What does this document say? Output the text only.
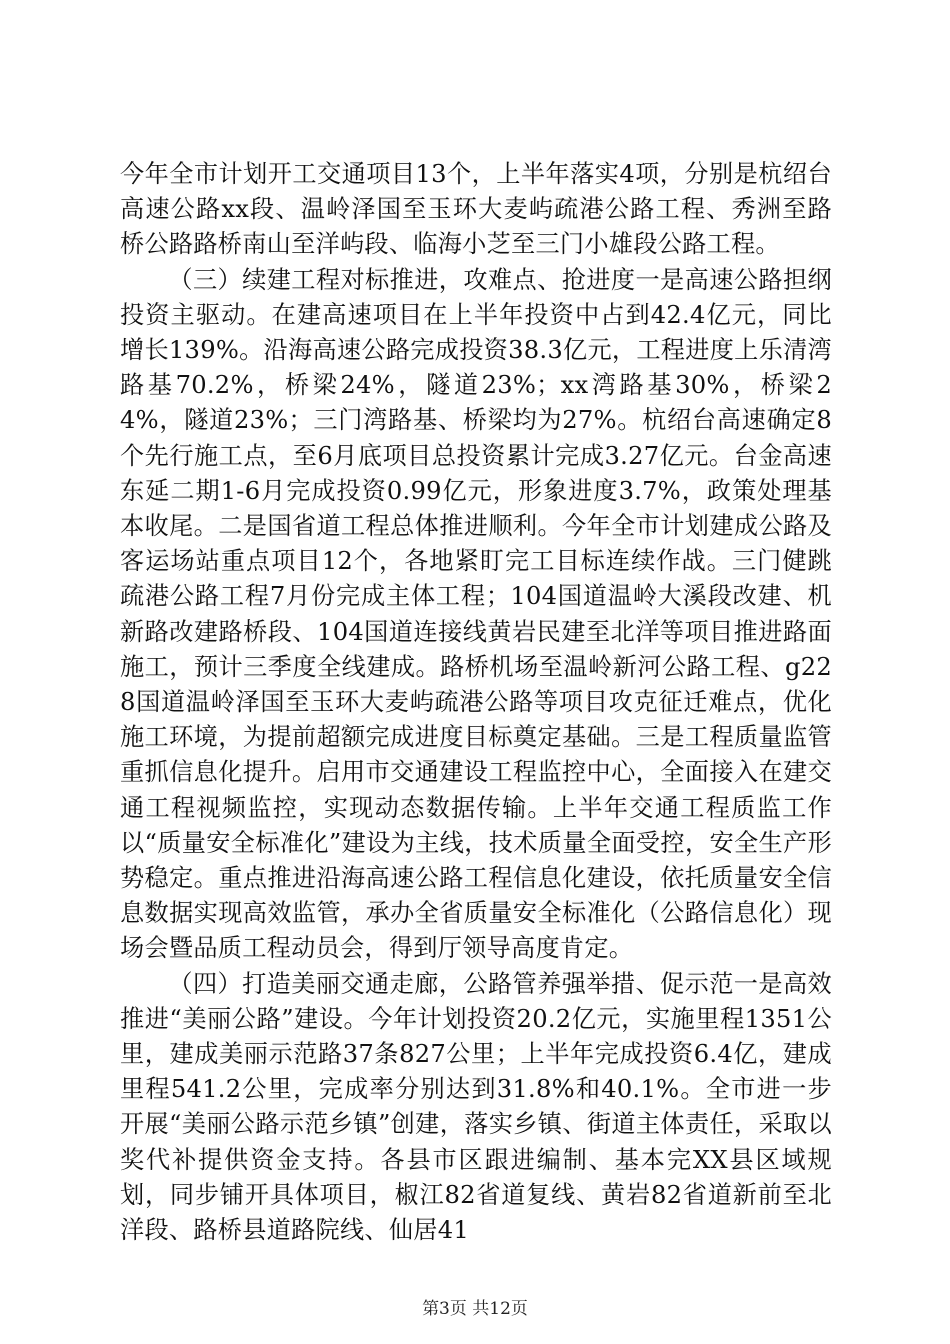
今年全市计划开工交通项目13个，上半年落实4项，分别是杭绍台高速公路xx段、温岭泽国至玉环大麦屿疏港公路工程、秀洲至路桥公路路桥南山至洋屿段、临海小芝至三门小雄段公路工程。

（三）续建工程对标推进，攻难点、抢进度一是高速公路担纲投资主驱动。在建高速项目在上半年投资中占到42.4亿元，同比增长139%。沿海高速公路完成投资38.3亿元，工程进度上乐清湾路基70.2%，桥梁24%，隧道23%；xx湾路基30%，桥梁24%，隧道23%；三门湾路基、桥梁均为27%。杭绍台高速确定8个先行施工点，至6月底项目总投资累计完成3.27亿元。台金高速东延二期1-6月完成投资0.99亿元，形象进度3.7%，政策处理基本收尾。二是国省道工程总体推进顺利。今年全市计划建成公路及客运场站重点项目12个，各地紧盯完工目标连续作战。三门健跳疏港公路工程7月份完成主体工程；104国道温岭大溪段改建、机新路改建路桥段、104国道连接线黄岩民建至北洋等项目推进路面施工，预计三季度全线建成。路桥机场至温岭新河公路工程、g228国道温岭泽国至玉环大麦屿疏港公路等项目攻克征迁难点，优化施工环境，为提前超额完成进度目标奠定基础。三是工程质量监管重抓信息化提升。启用市交通建设工程监控中心，全面接入在建交通工程视频监控，实现动态数据传输。上半年交通工程质监工作以“质量安全标准化”建设为主线，技术质量全面受控，安全生产形势稳定。重点推进沿海高速公路工程信息化建设，依托质量安全信息数据实现高效监管，承办全省质量安全标准化（公路信息化）现场会暨品质工程动员会，得到厅领导高度肯定。

（四）打造美丽交通走廊，公路管养强举措、促示范一是高效推进“美丽公路”建设。今年计划投资20.2亿元，实施里程1351公里，建成美丽示范路37条827公里；上半年完成投资6.4亿，建成里程541.2公里，完成率分别达到31.8%和40.1%。全市进一步开展“美丽公路示范乡镇”创建，落实乡镇、街道主体责任，采取以奖代补提供资金支持。各县市区跟进编制、基本完XX县区域规划，同步铺开具体项目，椒江82省道复线、黄岩82省道新前至北洋段、路桥县道路院线、仙居41

第3页 共12页
